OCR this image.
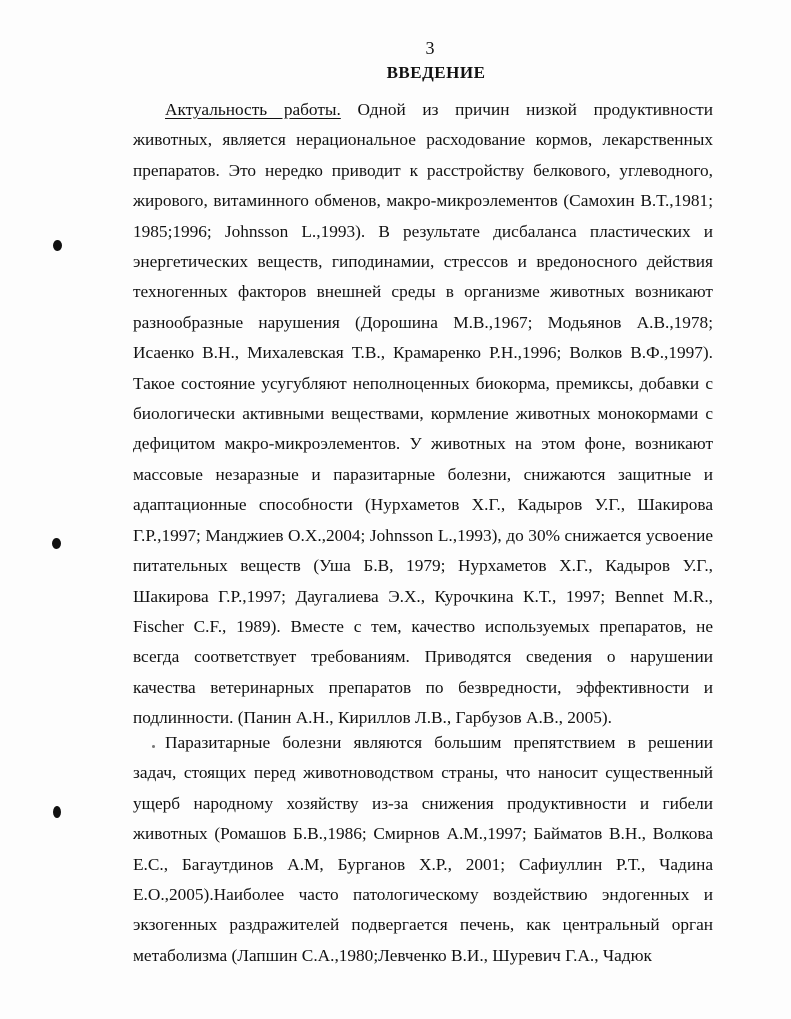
3
ВВЕДЕНИЕ

Актуальность работы. Одной из причин низкой продуктивности животных, является нерациональное расходование кормов, лекарственных препаратов. Это нередко приводит к расстройству белкового, углеводного, жирового, витаминного обменов, макро-микроэлементов (Самохин В.Т.,1981; 1985;1996; Johnsson L.,1993). В результате дисбаланса пластических и энергетических веществ, гиподинамии, стрессов и вредоносного действия техногенных факторов внешней среды в организме животных возникают разнообразные нарушения (Дорошина М.В.,1967; Модьянов А.В.,1978; Исаенко В.Н., Михалевская Т.В., Крамаренко Р.Н.,1996; Волков В.Ф.,1997). Такое состояние усугубляют неполноценных биокорма, премиксы, добавки с биологически активными веществами, кормление животных монокормами с дефицитом макро-микроэлементов. У животных на этом фоне, возникают массовые незаразные и паразитарные болезни, снижаются защитные и адаптационные способности (Нурхаметов Х.Г., Кадыров У.Г., Шакирова Г.Р.,1997; Манджиев О.Х.,2004; Johnsson L.,1993), до 30% снижается усвоение питательных веществ (Уша Б.В, 1979; Нурхаметов Х.Г., Кадыров У.Г., Шакирова Г.Р.,1997; Даугалиева Э.Х., Курочкина К.Т., 1997; Bennet M.R., Fischer C.F., 1989). Вместе с тем, качество используемых препаратов, не всегда соответствует требованиям. Приводятся сведения о нарушении качества ветеринарных препаратов по безвредности, эффективности и подлинности. (Панин А.Н., Кириллов Л.В., Гарбузов А.В., 2005).

Паразитарные болезни являются большим препятствием в решении задач, стоящих перед животноводством страны, что наносит существенный ущерб народному хозяйству из-за снижения продуктивности и гибели животных (Ромашов Б.В.,1986; Смирнов А.М.,1997; Байматов В.Н., Волкова Е.С., Багаутдинов А.М, Бурганов Х.Р., 2001; Сафиуллин Р.Т., Чадина Е.О.,2005).Наиболее часто патологическому воздействию эндогенных и экзогенных раздражителей подвергается печень, как центральный орган метаболизма (Лапшин С.А.,1980;Левченко В.И., Шуревич Г.А., Чадюк
